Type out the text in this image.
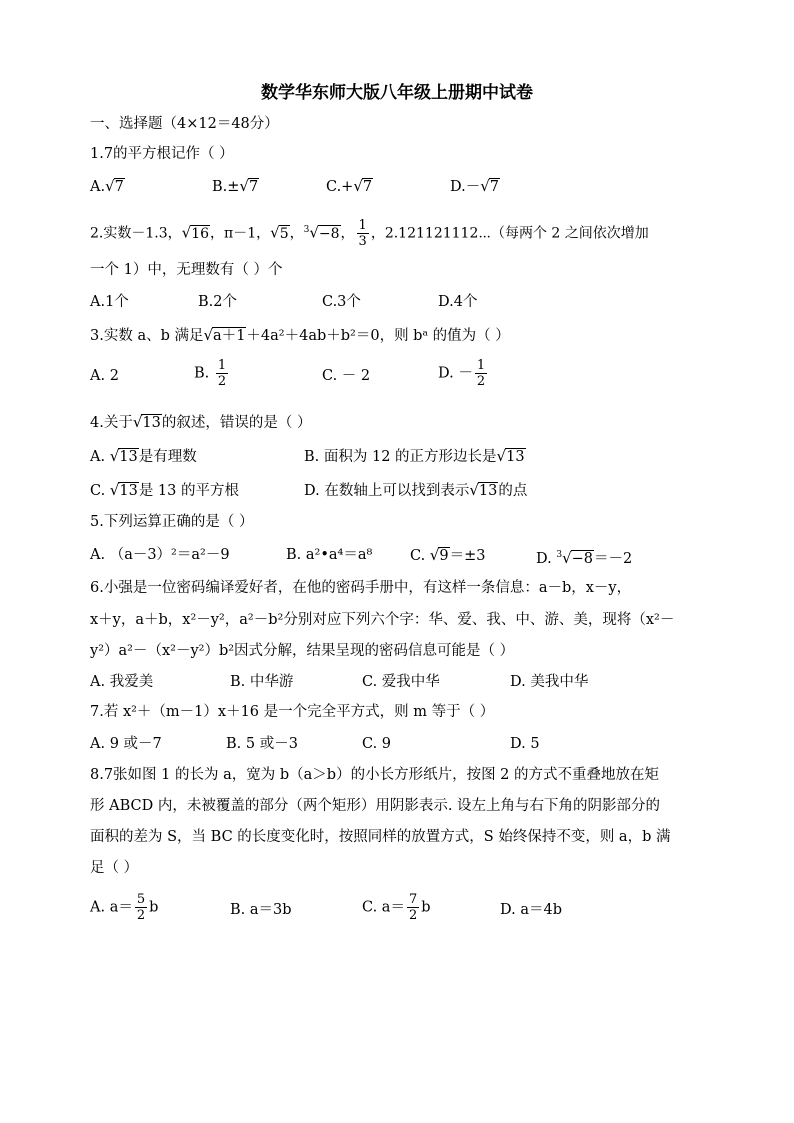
数学华东师大版八年级上册期中试卷
一、选择题（4×12＝48分）
1.7的平方根记作（ ）
A.√7	B.±√7	C.+√7	D.－√7
2.实数－1.3，√16，π－1，√5，$^3$√−8， $\frac{1}{3}$ ，2.121121112⋯（每两个 2 之间依次增加
一个 1）中，无理数有（ ）个
A.1个	B.2个	C.3个	D.4个
3.实数 a、b 满足√a＋1＋4a²＋4ab＋b²＝0，则 bᵃ 的值为（ ）
A. 2	B. $\frac{1}{2}$	C. － 2	D. － $\frac{1}{2}$
4.关于√13的叙述，错误的是（ ）
A. √13是有理数	B. 面积为 12 的正方形边长是√13
C. √13是 13 的平方根	D. 在数轴上可以找到表示√13的点
5.下列运算正确的是（ ）
A. （a－3）²＝a²－9	B. a²•a⁴＝a⁸	C. √9＝±3	D. $^3$√−8＝－2
6.小强是一位密码编译爱好者，在他的密码手册中，有这样一条信息：a－b，x－y，
x＋y，a＋b，x²－y²，a²－b²分别对应下列六个字：华、爱、我、中、游、美，现将（x²－
y²）a²－（x²－y²）b²因式分解，结果呈现的密码信息可能是（ ）
A. 我爱美	B. 中华游	C. 爱我中华	D. 美我中华
7.若 x²＋（m－1）x＋16 是一个完全平方式，则 m 等于（ ）
A. 9 或－7	B. 5 或－3	C. 9	D. 5
8.7张如图 1 的长为 a，宽为 b（a＞b）的小长方形纸片，按图 2 的方式不重叠地放在矩
形 ABCD 内，未被覆盖的部分（两个矩形）用阴影表示. 设左上角与右下角的阴影部分的
面积的差为 S，当 BC 的长度变化时，按照同样的放置方式，S 始终保持不变，则 a，b 满
足（ ）
A. $a= \frac{5}{2}$ b	B. a＝3b	C. $a= \frac{7}{2}$ b	D. a＝4b
